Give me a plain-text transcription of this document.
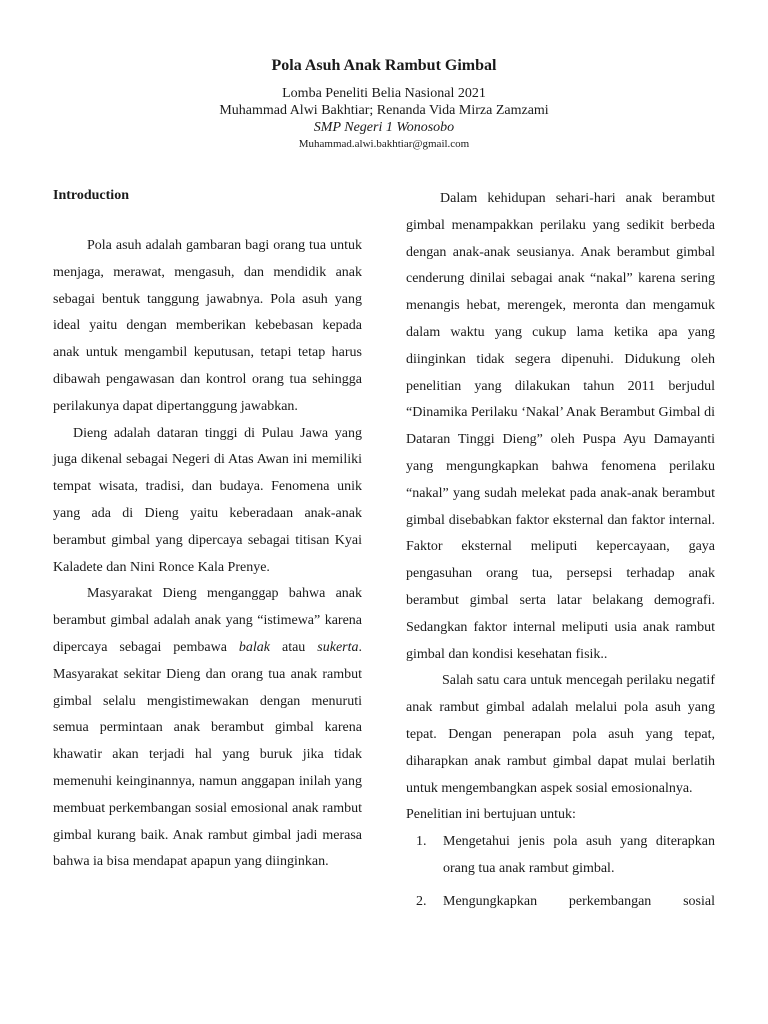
Pola Asuh Anak Rambut Gimbal

Lomba Peneliti Belia Nasional 2021

Muhammad Alwi Bakhtiar; Renanda Vida Mirza Zamzami

SMP Negeri 1 Wonosobo

Muhammad.alwi.bakhtiar@gmail.com

Introduction

Pola asuh adalah gambaran bagi orang tua untuk menjaga, merawat, mengasuh, dan mendidik anak sebagai bentuk tanggung jawabnya. Pola asuh yang ideal yaitu dengan memberikan kebebasan kepada anak untuk mengambil keputusan, tetapi tetap harus dibawah pengawasan dan kontrol orang tua sehingga perilakunya dapat dipertanggung jawabkan.

Dieng adalah dataran tinggi di Pulau Jawa yang juga dikenal sebagai Negeri di Atas Awan ini memiliki tempat wisata, tradisi, dan budaya. Fenomena unik yang ada di Dieng yaitu keberadaan anak-anak berambut gimbal yang dipercaya sebagai titisan Kyai Kaladete dan Nini Ronce Kala Prenye.

Masyarakat Dieng menganggap bahwa anak berambut gimbal adalah anak yang “istimewa” karena dipercaya sebagai pembawa balak atau sukerta. Masyarakat sekitar Dieng dan orang tua anak rambut gimbal selalu mengistimewakan dengan menuruti semua permintaan anak berambut gimbal karena khawatir akan terjadi hal yang buruk jika tidak memenuhi keinginannya, namun anggapan inilah yang membuat perkembangan sosial emosional anak rambut gimbal kurang baik. Anak rambut gimbal jadi merasa bahwa ia bisa mendapat apapun yang diinginkan.

Dalam kehidupan sehari-hari anak berambut gimbal menampakkan perilaku yang sedikit berbeda dengan anak-anak seusianya. Anak berambut gimbal cenderung dinilai sebagai anak “nakal” karena sering menangis hebat, merengek, meronta dan mengamuk dalam waktu yang cukup lama ketika apa yang diinginkan tidak segera dipenuhi. Didukung oleh penelitian yang dilakukan tahun 2011 berjudul “Dinamika Perilaku ‘Nakal’ Anak Berambut Gimbal di Dataran Tinggi Dieng” oleh Puspa Ayu Damayanti yang mengungkapkan bahwa fenomena perilaku “nakal” yang sudah melekat pada anak-anak berambut gimbal disebabkan faktor eksternal dan faktor internal. Faktor eksternal meliputi kepercayaan, gaya pengasuhan orang tua, persepsi terhadap anak berambut gimbal serta latar belakang demografi. Sedangkan faktor internal meliputi usia anak rambut gimbal dan kondisi kesehatan fisik..

Salah satu cara untuk mencegah perilaku negatif anak rambut gimbal adalah melalui pola asuh yang tepat. Dengan penerapan pola asuh yang tepat, diharapkan anak rambut gimbal dapat mulai berlatih untuk mengembangkan aspek sosial emosionalnya.

Penelitian ini bertujuan untuk:

1. Mengetahui jenis pola asuh yang diterapkan orang tua anak rambut gimbal.
2. Mengungkapkan perkembangan sosial
